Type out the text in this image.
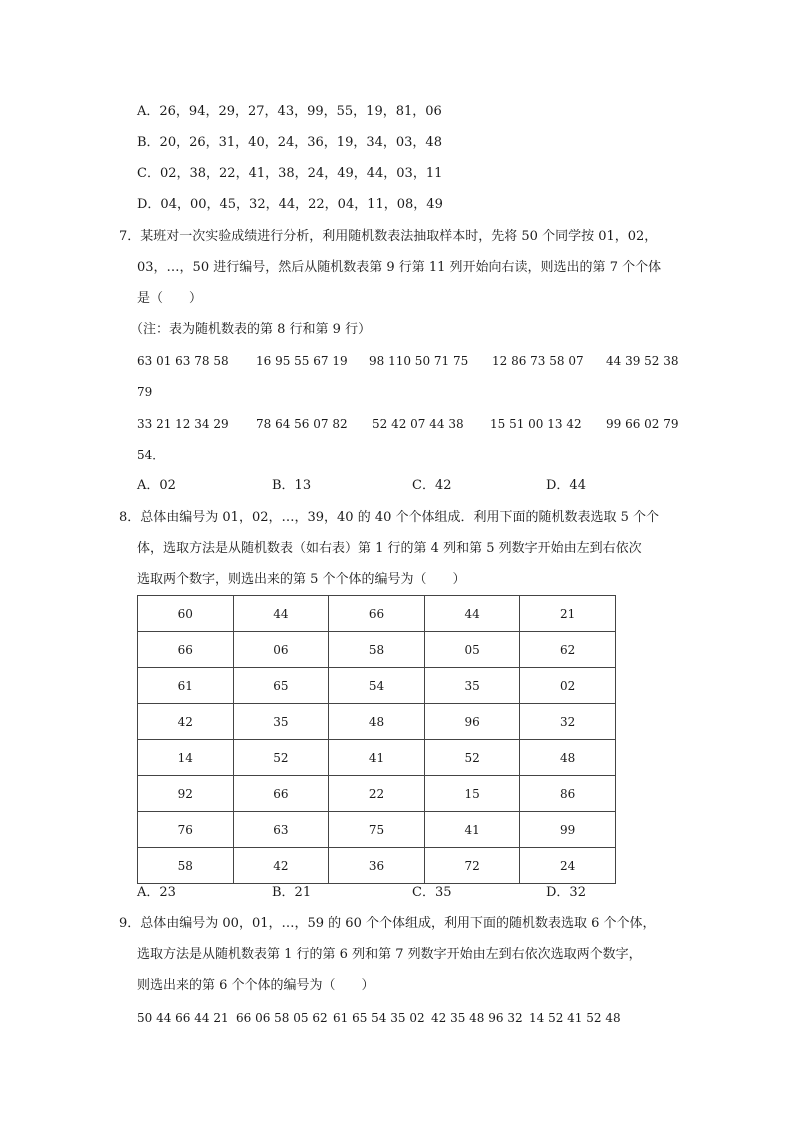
A．26，94，29，27，43，99，55，19，81，06
B．20，26，31，40，24，36，19，34，03，48
C．02，38，22，41，38，24，49，44，03，11
D．04，00，45，32，44，22，04，11，08，49
7．某班对一次实验成绩进行分析，利用随机数表法抽取样本时，先将 50 个同学按 01，02，
03，…，50 进行编号，然后从随机数表第 9 行第 11 列开始向右读，则选出的第 7 个个体
是（　　）
（注：表为随机数表的第 8 行和第 9 行）
63 01 63 78 58 16 95 55 67 19 98 110 50 71 75 12 86 73 58 07 44 39 52 38
79
33 21 12 34 29 78 64 56 07 82 52 42 07 44 38 15 51 00 13 42 99 66 02 79
54．
A．02	B．13	C．42	D．44
8．总体由编号为 01，02，…，39，40 的 40 个个体组成．利用下面的随机数表选取 5 个个
体，选取方法是从随机数表（如右表）第 1 行的第 4 列和第 5 列数字开始由左到右依次
选取两个数字，则选出来的第 5 个个体的编号为（　　）
60	44	66	44	21
66	06	58	05	62
61	65	54	35	02
42	35	48	96	32
14	52	41	52	48
92	66	22	15	86
76	63	75	41	99
58	42	36	72	24
A．23	B．21	C．35	D．32
9．总体由编号为 00，01，…，59 的 60 个个体组成，利用下面的随机数表选取 6 个个体，
选取方法是从随机数表第 1 行的第 6 列和第 7 列数字开始由左到右依次选取两个数字，
则选出来的第 6 个个体的编号为（　　）
50 44 66 44 21 66 06 58 05 62 61 65 54 35 02 42 35 48 96 32 14 52 41 52 48
